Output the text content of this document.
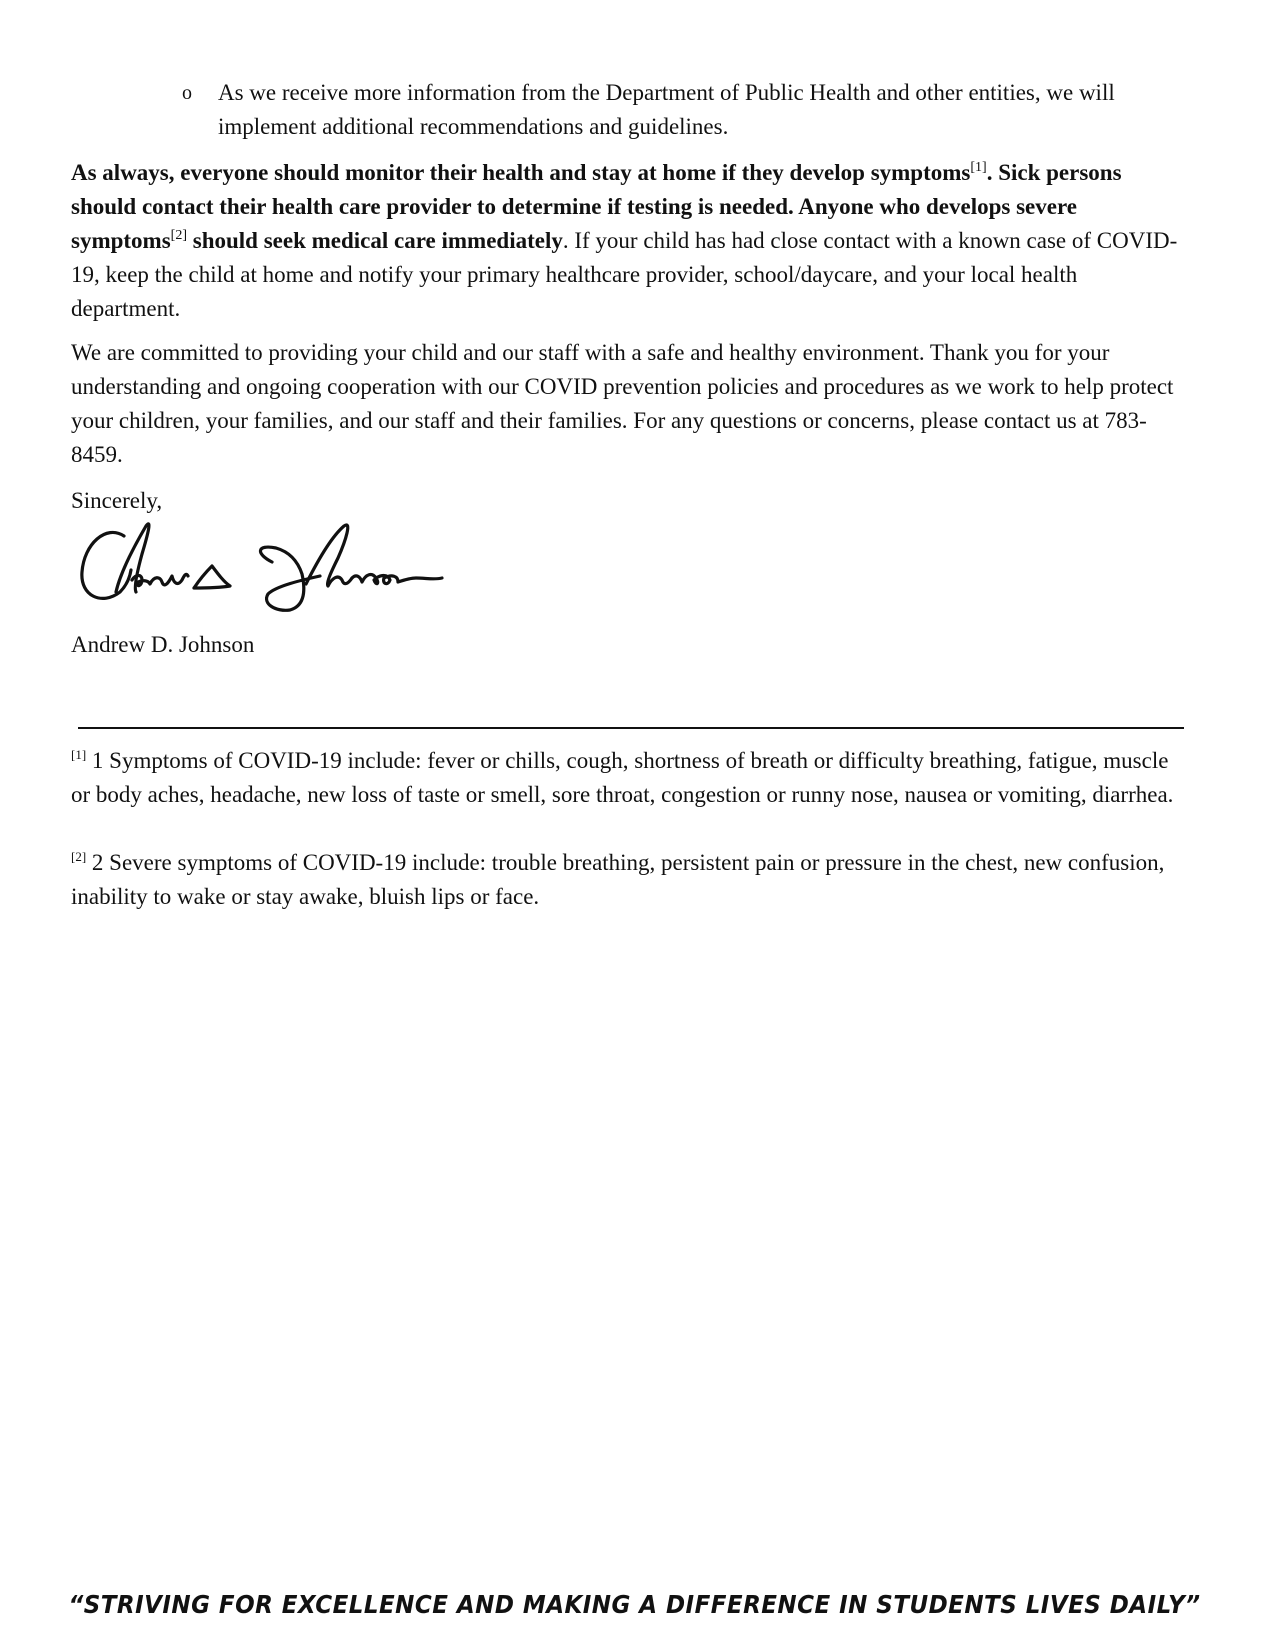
o As we receive more information from the Department of Public Health and other entities, we will implement additional recommendations and guidelines.

As always, everyone should monitor their health and stay at home if they develop symptoms[1]. Sick persons should contact their health care provider to determine if testing is needed. Anyone who develops severe symptoms[2] should seek medical care immediately. If your child has had close contact with a known case of COVID-19, keep the child at home and notify your primary healthcare provider, school/daycare, and your local health department.

We are committed to providing your child and our staff with a safe and healthy environment. Thank you for your understanding and ongoing cooperation with our COVID prevention policies and procedures as we work to help protect your children, your families, and our staff and their families. For any questions or concerns, please contact us at 783-8459.

Sincerely,
Andrew D. Johnson

[1] 1 Symptoms of COVID-19 include: fever or chills, cough, shortness of breath or difficulty breathing, fatigue, muscle or body aches, headache, new loss of taste or smell, sore throat, congestion or runny nose, nausea or vomiting, diarrhea.

[2] 2 Severe symptoms of COVID-19 include: trouble breathing, persistent pain or pressure in the chest, new confusion, inability to wake or stay awake, bluish lips or face.

“STRIVING FOR EXCELLENCE AND MAKING A DIFFERENCE IN STUDENTS LIVES DAILY”
